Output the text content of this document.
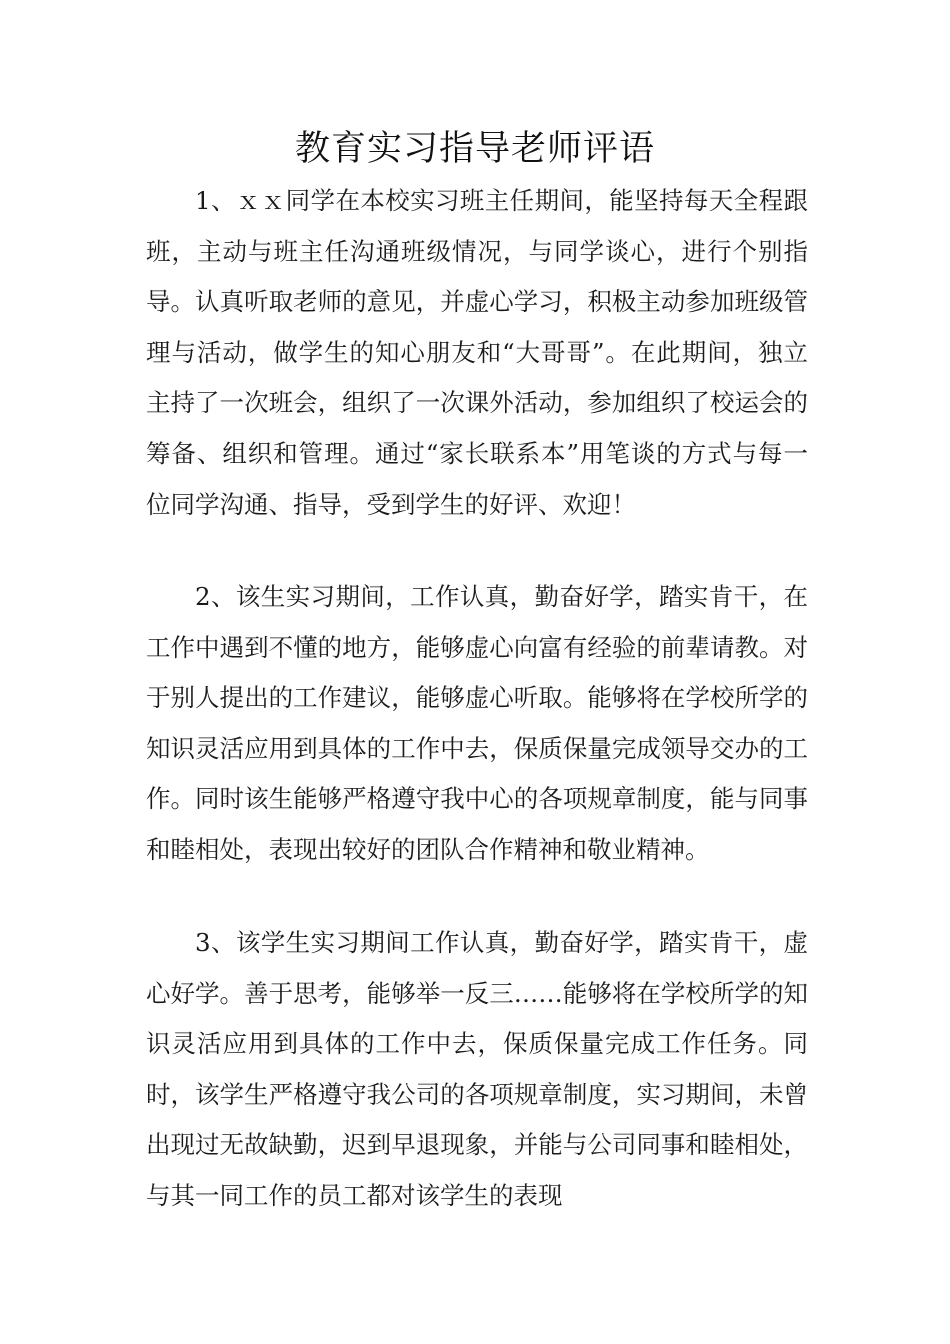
教育实习指导老师评语

1、ｘｘ同学在本校实习班主任期间，能坚持每天全程跟班，主动与班主任沟通班级情况，与同学谈心，进行个别指导。认真听取老师的意见，并虚心学习，积极主动参加班级管理与活动，做学生的知心朋友和“大哥哥”。在此期间，独立主持了一次班会，组织了一次课外活动，参加组织了校运会的筹备、组织和管理。通过“家长联系本”用笔谈的方式与每一位同学沟通、指导，受到学生的好评、欢迎！

2、该生实习期间，工作认真，勤奋好学，踏实肯干，在工作中遇到不懂的地方，能够虚心向富有经验的前辈请教。对于别人提出的工作建议，能够虚心听取。能够将在学校所学的知识灵活应用到具体的工作中去，保质保量完成领导交办的工作。同时该生能够严格遵守我中心的各项规章制度，能与同事和睦相处，表现出较好的团队合作精神和敬业精神。

3、该学生实习期间工作认真，勤奋好学，踏实肯干，虚心好学。善于思考，能够举一反三……能够将在学校所学的知识灵活应用到具体的工作中去，保质保量完成工作任务。同时，该学生严格遵守我公司的各项规章制度，实习期间，未曾出现过无故缺勤，迟到早退现象，并能与公司同事和睦相处，与其一同工作的员工都对该学生的表现
